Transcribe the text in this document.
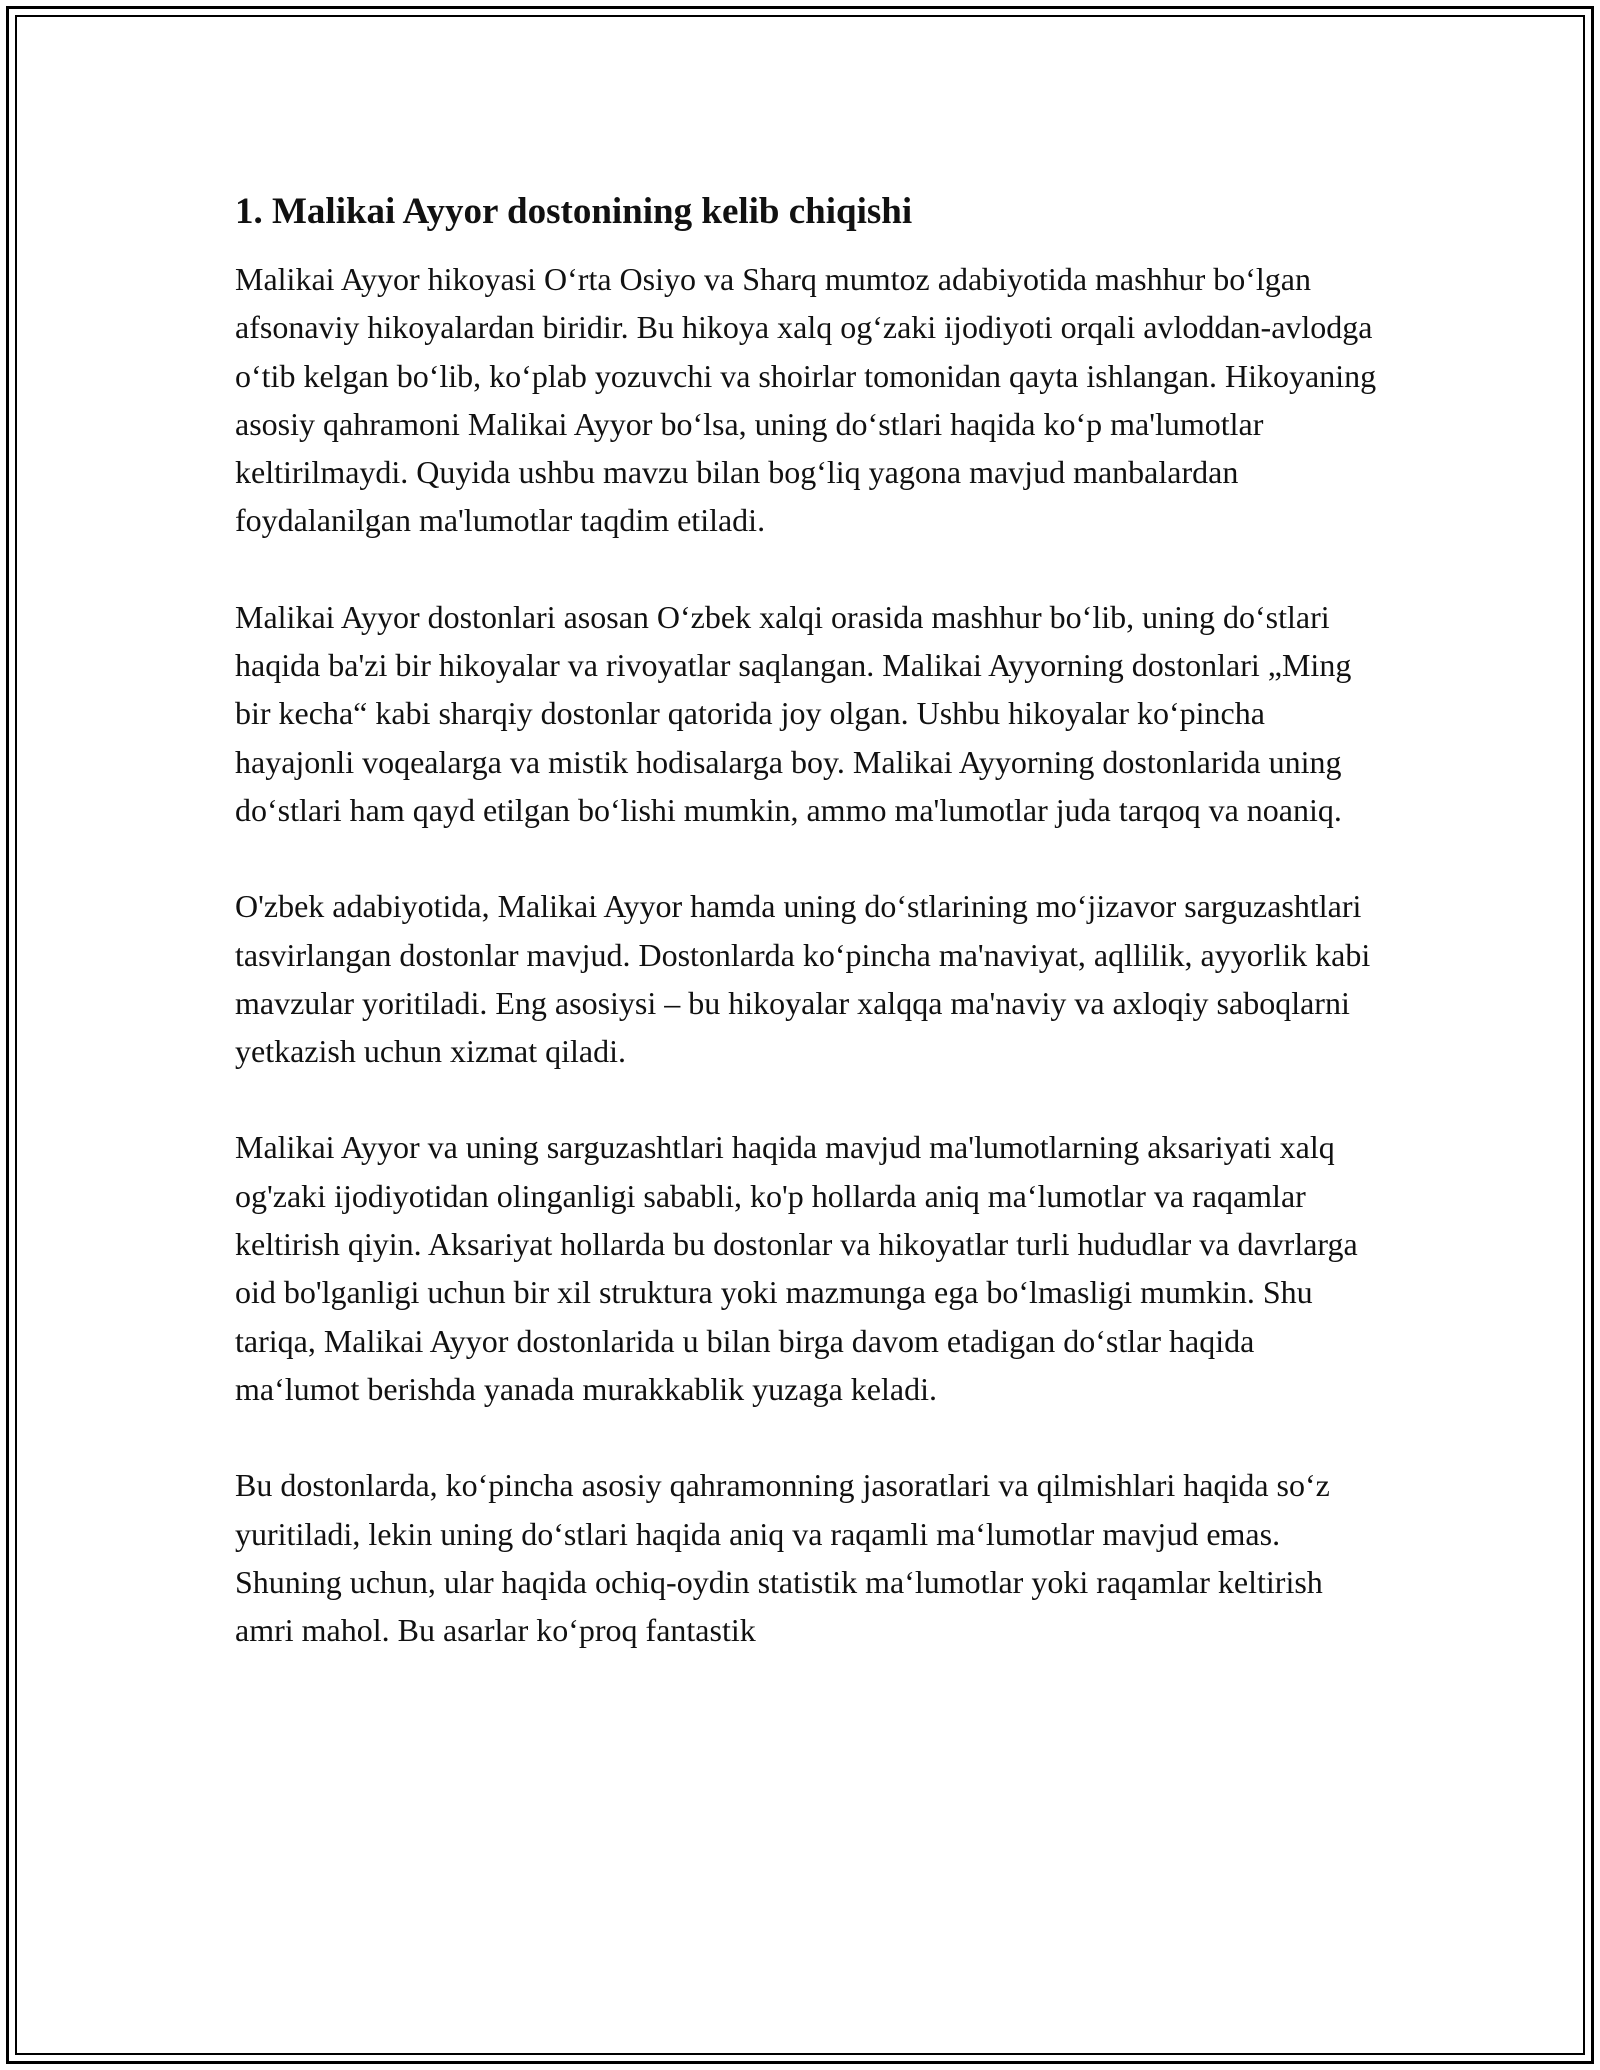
1. Malikai Ayyor dostonining kelib chiqishi

Malikai Ayyor hikoyasi O‘rta Osiyo va Sharq mumtoz adabiyotida mashhur bo‘lgan afsonaviy hikoyalardan biridir. Bu hikoya xalq og‘zaki ijodiyoti orqali avloddan-avlodga o‘tib kelgan bo‘lib, ko‘plab yozuvchi va shoirlar tomonidan qayta ishlangan. Hikoyaning asosiy qahramoni Malikai Ayyor bo‘lsa, uning do‘stlari haqida ko‘p ma'lumotlar keltirilmaydi. Quyida ushbu mavzu bilan bog‘liq yagona mavjud manbalardan foydalanilgan ma'lumotlar taqdim etiladi.

Malikai Ayyor dostonlari asosan O‘zbek xalqi orasida mashhur bo‘lib, uning do‘stlari haqida ba'zi bir hikoyalar va rivoyatlar saqlangan. Malikai Ayyorning dostonlari „Ming bir kecha“ kabi sharqiy dostonlar qatorida joy olgan. Ushbu hikoyalar ko‘pincha hayajonli voqealarga va mistik hodisalarga boy. Malikai Ayyorning dostonlarida uning do‘stlari ham qayd etilgan bo‘lishi mumkin, ammo ma'lumotlar juda tarqoq va noaniq.

O'zbek adabiyotida, Malikai Ayyor hamda uning do‘stlarining mo‘jizavor sarguzashtlari tasvirlangan dostonlar mavjud. Dostonlarda ko‘pincha ma'naviyat, aqllilik, ayyorlik kabi mavzular yoritiladi. Eng asosiysi – bu hikoyalar xalqqa ma'naviy va axloqiy saboqlarni yetkazish uchun xizmat qiladi.

Malikai Ayyor va uning sarguzashtlari haqida mavjud ma'lumotlarning aksariyati xalq og'zaki ijodiyotidan olinganligi sababli, ko'p hollarda aniq ma‘lumotlar va raqamlar keltirish qiyin. Aksariyat hollarda bu dostonlar va hikoyatlar turli hududlar va davrlarga oid bo'lganligi uchun bir xil struktura yoki mazmunga ega bo‘lmasligi mumkin. Shu tariqa, Malikai Ayyor dostonlarida u bilan birga davom etadigan do‘stlar haqida ma‘lumot berishda yanada murakkablik yuzaga keladi.

Bu dostonlarda, ko‘pincha asosiy qahramonning jasoratlari va qilmishlari haqida so‘z yuritiladi, lekin uning do‘stlari haqida aniq va raqamli ma‘lumotlar mavjud emas. Shuning uchun, ular haqida ochiq-oydin statistik ma‘lumotlar yoki raqamlar keltirish amri mahol. Bu asarlar ko‘proq fantastik
